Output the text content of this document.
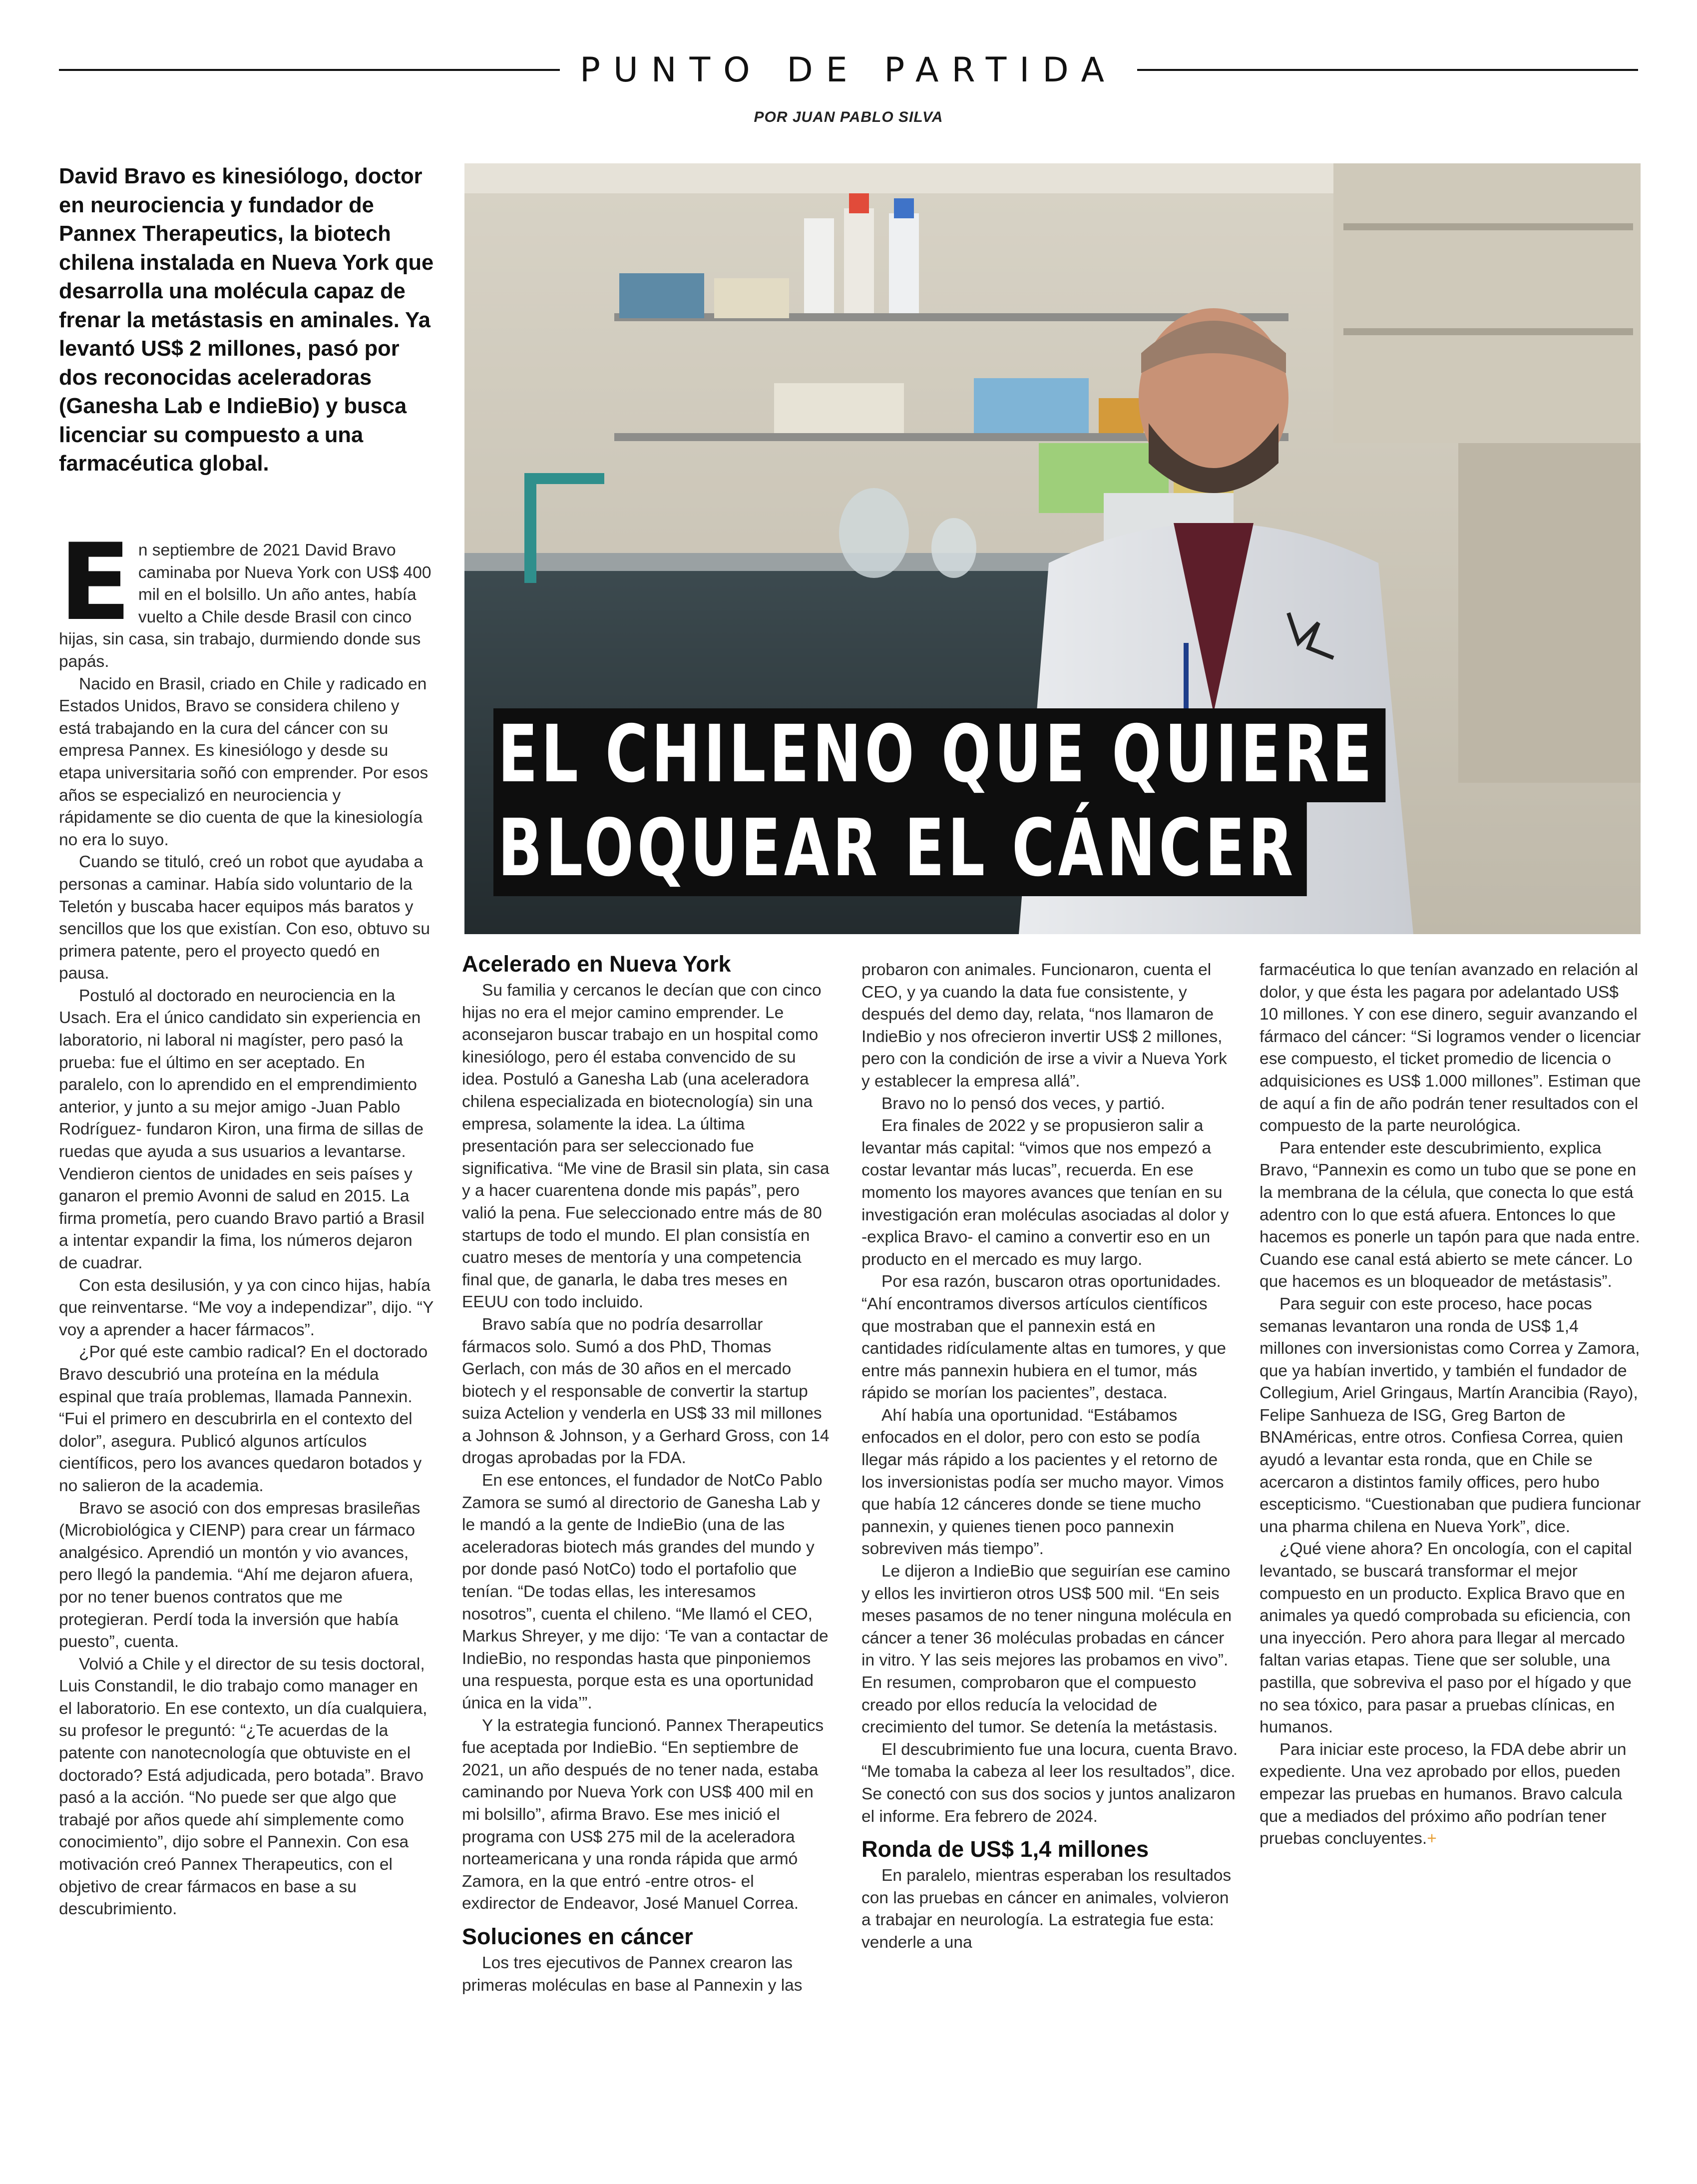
PUNTO DE PARTIDA
POR JUAN PABLO SILVA

David Bravo es kinesiólogo, doctor en neurociencia y fundador de Pannex Therapeutics, la biotech chilena instalada en Nueva York que desarrolla una molécula capaz de frenar la metástasis en aminales. Ya levantó US$ 2 millones, pasó por dos reconocidas aceleradoras (Ganesha Lab e IndieBio) y busca licenciar su compuesto a una farmacéutica global.

EL CHILENO QUE QUIERE
BLOQUEAR EL CÁNCER
E n septiembre de 2021 David Bravo caminaba por Nueva York con US$ 400 mil en el bolsillo. Un año antes, había vuelto a Chile desde Brasil con cinco hijas, sin casa, sin trabajo, durmiendo donde sus papás.

Nacido en Brasil, criado en Chile y radicado en Estados Unidos, Bravo se considera chileno y está trabajando en la cura del cáncer con su empresa Pannex. Es kinesiólogo y desde su etapa universitaria soñó con emprender. Por esos años se especializó en neurociencia y rápidamente se dio cuenta de que la kinesiología no era lo suyo.

Cuando se tituló, creó un robot que ayudaba a personas a caminar. Había sido voluntario de la Teletón y buscaba hacer equipos más baratos y sencillos que los que existían. Con eso, obtuvo su primera patente, pero el proyecto quedó en pausa.

Postuló al doctorado en neurociencia en la Usach. Era el único candidato sin experiencia en laboratorio, ni laboral ni magíster, pero pasó la prueba: fue el último en ser aceptado. En paralelo, con lo aprendido en el emprendimiento anterior, y junto a su mejor amigo -Juan Pablo Rodríguez- fundaron Kiron, una firma de sillas de ruedas que ayuda a sus usuarios a levantarse. Vendieron cientos de unidades en seis países y ganaron el premio Avonni de salud en 2015. La firma prometía, pero cuando Bravo partió a Brasil a intentar expandir la fima, los números dejaron de cuadrar.

Con esta desilusión, y ya con cinco hijas, había que reinventarse. “Me voy a independizar”, dijo. “Y voy a aprender a hacer fármacos”.

¿Por qué este cambio radical? En el doctorado Bravo descubrió una proteína en la médula espinal que traía problemas, llamada Pannexin. “Fui el primero en descubrirla en el contexto del dolor”, asegura. Publicó algunos artículos científicos, pero los avances quedaron botados y no salieron de la academia.

Bravo se asoció con dos empresas brasileñas (Microbiológica y CIENP) para crear un fármaco analgésico. Aprendió un montón y vio avances, pero llegó la pandemia. “Ahí me dejaron afuera, por no tener buenos contratos que me protegieran. Perdí toda la inversión que había puesto”, cuenta.

Volvió a Chile y el director de su tesis doctoral, Luis Constandil, le dio trabajo como manager en el laboratorio. En ese contexto, un día cualquiera, su profesor le preguntó: “¿Te acuerdas de la patente con nanotecnología que obtuviste en el doctorado? Está adjudicada, pero botada”. Bravo pasó a la acción. “No puede ser que algo que trabajé por años quede ahí simplemente como conocimiento”, dijo sobre el Pannexin. Con esa motivación creó Pannex Therapeutics, con el objetivo de crear fármacos en base a su descubrimiento.

Acelerado en Nueva York

Su familia y cercanos le decían que con cinco hijas no era el mejor camino emprender. Le aconsejaron buscar trabajo en un hospital como kinesiólogo, pero él estaba convencido de su idea. Postuló a Ganesha Lab (una aceleradora chilena especializada en biotecnología) sin una empresa, solamente la idea. La última presentación para ser seleccionado fue significativa. “Me vine de Brasil sin plata, sin casa y a hacer cuarentena donde mis papás”, pero valió la pena. Fue seleccionado entre más de 80 startups de todo el mundo. El plan consistía en cuatro meses de mentoría y una competencia final que, de ganarla, le daba tres meses en EEUU con todo incluido.

Bravo sabía que no podría desarrollar fármacos solo. Sumó a dos PhD, Thomas Gerlach, con más de 30 años en el mercado biotech y el responsable de convertir la startup suiza Actelion y venderla en US$ 33 mil millones a Johnson & Johnson, y a Gerhard Gross, con 14 drogas aprobadas por la FDA.

En ese entonces, el fundador de NotCo Pablo Zamora se sumó al directorio de Ganesha Lab y le mandó a la gente de IndieBio (una de las aceleradoras biotech más grandes del mundo y por donde pasó NotCo) todo el portafolio que tenían. “De todas ellas, les interesamos nosotros”, cuenta el chileno. “Me llamó el CEO, Markus Shreyer, y me dijo: ‘Te van a contactar de IndieBio, no respondas hasta que pinponiemos una respuesta, porque esta es una oportunidad única en la vida’”.

Y la estrategia funcionó. Pannex Therapeutics fue aceptada por IndieBio. “En septiembre de 2021, un año después de no tener nada, estaba caminando por Nueva York con US$ 400 mil en mi bolsillo”, afirma Bravo. Ese mes inició el programa con US$ 275 mil de la aceleradora norteamericana y una ronda rápida que armó Zamora, en la que entró -entre otros- el exdirector de Endeavor, José Manuel Correa.

Soluciones en cáncer

Los tres ejecutivos de Pannex crearon las primeras moléculas en base al Pannexin y las

probaron con animales. Funcionaron, cuenta el CEO, y ya cuando la data fue consistente, y después del demo day, relata, “nos llamaron de IndieBio y nos ofrecieron invertir US$ 2 millones, pero con la condición de irse a vivir a Nueva York y establecer la empresa allá”.

Bravo no lo pensó dos veces, y partió.

Era finales de 2022 y se propusieron salir a levantar más capital: “vimos que nos empezó a costar levantar más lucas”, recuerda. En ese momento los mayores avances que tenían en su investigación eran moléculas asociadas al dolor y -explica Bravo- el camino a convertir eso en un producto en el mercado es muy largo.

Por esa razón, buscaron otras oportunidades. “Ahí encontramos diversos artículos científicos que mostraban que el pannexin está en cantidades ridículamente altas en tumores, y que entre más pannexin hubiera en el tumor, más rápido se morían los pacientes”, destaca.

Ahí había una oportunidad. “Estábamos enfocados en el dolor, pero con esto se podía llegar más rápido a los pacientes y el retorno de los inversionistas podía ser mucho mayor. Vimos que había 12 cánceres donde se tiene mucho pannexin, y quienes tienen poco pannexin sobreviven más tiempo”.

Le dijeron a IndieBio que seguirían ese camino y ellos les invirtieron otros US$ 500 mil. “En seis meses pasamos de no tener ninguna molécula en cáncer a tener 36 moléculas probadas en cáncer in vitro. Y las seis mejores las probamos en vivo”. En resumen, comprobaron que el compuesto creado por ellos reducía la velocidad de crecimiento del tumor. Se detenía la metástasis.

El descubrimiento fue una locura, cuenta Bravo. “Me tomaba la cabeza al leer los resultados”, dice. Se conectó con sus dos socios y juntos analizaron el informe. Era febrero de 2024.

Ronda de US$ 1,4 millones

En paralelo, mientras esperaban los resultados con las pruebas en cáncer en animales, volvieron a trabajar en neurología. La estrategia fue esta: venderle a una

farmacéutica lo que tenían avanzado en relación al dolor, y que ésta les pagara por adelantado US$ 10 millones. Y con ese dinero, seguir avanzando el fármaco del cáncer: “Si logramos vender o licenciar ese compuesto, el ticket promedio de licencia o adquisiciones es US$ 1.000 millones”. Estiman que de aquí a fin de año podrán tener resultados con el compuesto de la parte neurológica.

Para entender este descubrimiento, explica Bravo, “Pannexin es como un tubo que se pone en la membrana de la célula, que conecta lo que está adentro con lo que está afuera. Entonces lo que hacemos es ponerle un tapón para que nada entre. Cuando ese canal está abierto se mete cáncer. Lo que hacemos es un bloqueador de metástasis”.

Para seguir con este proceso, hace pocas semanas levantaron una ronda de US$ 1,4 millones con inversionistas como Correa y Zamora, que ya habían invertido, y también el fundador de Collegium, Ariel Gringaus, Martín Arancibia (Rayo), Felipe Sanhueza de ISG, Greg Barton de BNAméricas, entre otros. Confiesa Correa, quien ayudó a levantar esta ronda, que en Chile se acercaron a distintos family offices, pero hubo escepticismo. “Cuestionaban que pudiera funcionar una pharma chilena en Nueva York”, dice.

¿Qué viene ahora? En oncología, con el capital levantado, se buscará transformar el mejor compuesto en un producto. Explica Bravo que en animales ya quedó comprobada su eficiencia, con una inyección. Pero ahora para llegar al mercado faltan varias etapas. Tiene que ser soluble, una pastilla, que sobreviva el paso por el hígado y que no sea tóxico, para pasar a pruebas clínicas, en humanos.

Para iniciar este proceso, la FDA debe abrir un expediente. Una vez aprobado por ellos, pueden empezar las pruebas en humanos. Bravo calcula que a mediados del próximo año podrían tener pruebas concluyentes.+
